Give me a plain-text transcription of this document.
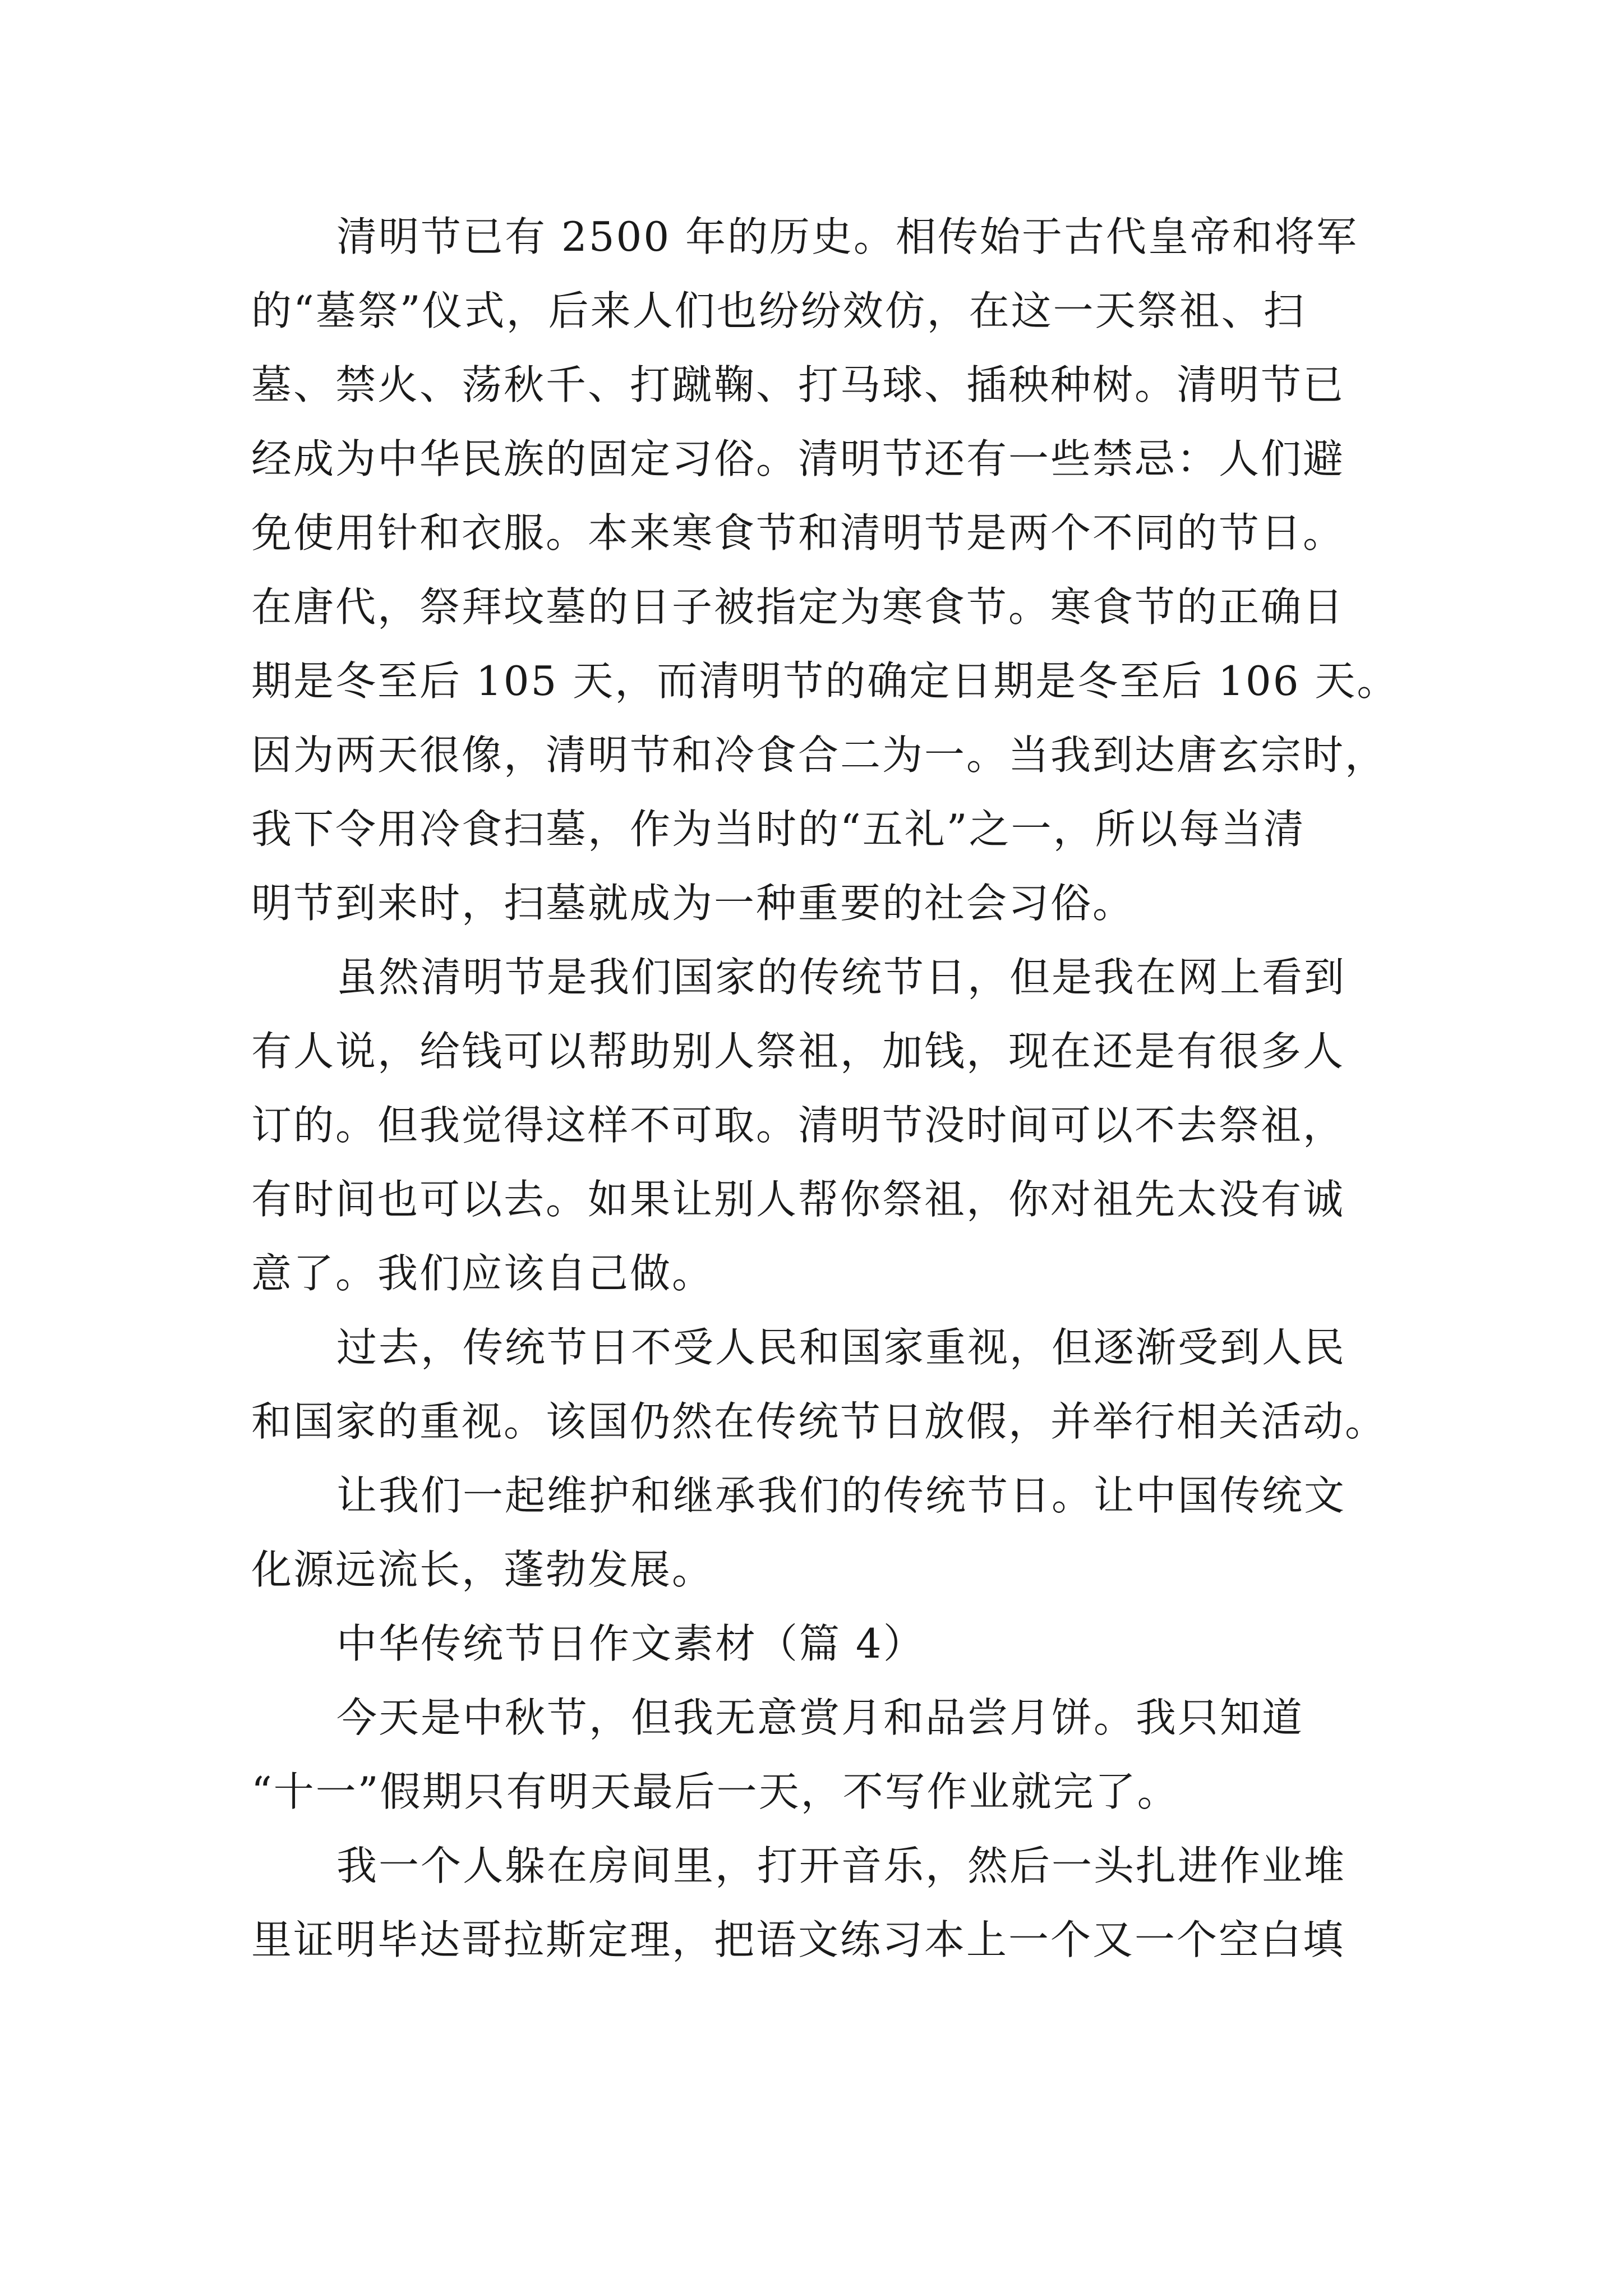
清明节已有 2500 年的历史。相传始于古代皇帝和将军
的“墓祭”仪式，后来人们也纷纷效仿，在这一天祭祖、扫
墓、禁火、荡秋千、打蹴鞠、打马球、插秧种树。清明节已
经成为中华民族的固定习俗。清明节还有一些禁忌：人们避
免使用针和衣服。本来寒食节和清明节是两个不同的节日。
在唐代，祭拜坟墓的日子被指定为寒食节。寒食节的正确日
期是冬至后 105 天，而清明节的确定日期是冬至后 106 天。
因为两天很像，清明节和冷食合二为一。当我到达唐玄宗时，
我下令用冷食扫墓，作为当时的“五礼”之一，所以每当清
明节到来时，扫墓就成为一种重要的社会习俗。
虽然清明节是我们国家的传统节日，但是我在网上看到
有人说，给钱可以帮助别人祭祖，加钱，现在还是有很多人
订的。但我觉得这样不可取。清明节没时间可以不去祭祖，
有时间也可以去。如果让别人帮你祭祖，你对祖先太没有诚
意了。我们应该自己做。
过去，传统节日不受人民和国家重视，但逐渐受到人民
和国家的重视。该国仍然在传统节日放假，并举行相关活动。
让我们一起维护和继承我们的传统节日。让中国传统文
化源远流长，蓬勃发展。
中华传统节日作文素材（篇 4）
今天是中秋节，但我无意赏月和品尝月饼。我只知道
“十一”假期只有明天最后一天，不写作业就完了。
我一个人躲在房间里，打开音乐，然后一头扎进作业堆
里证明毕达哥拉斯定理，把语文练习本上一个又一个空白填
